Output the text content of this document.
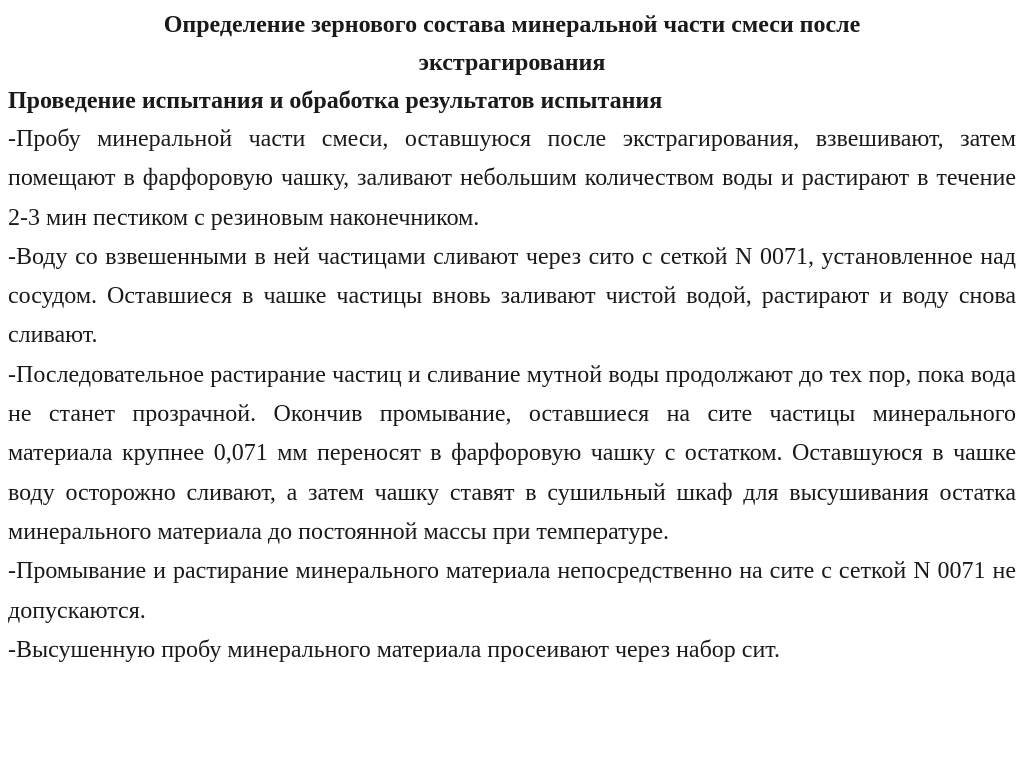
Определение зернового состава минеральной части смеси после экстрагирования
Проведение испытания и обработка результатов испытания

-Пробу минеральной части смеси, оставшуюся после экстрагирования, взвешивают, затем помещают в фарфоровую чашку, заливают небольшим количеством воды и растирают в течение 2-3 мин пестиком с резиновым наконечником.

-Воду со взвешенными в ней частицами сливают через сито с сеткой N 0071, установленное над сосудом. Оставшиеся в чашке частицы вновь заливают чистой водой, растирают и воду снова сливают.

-Последовательное растирание частиц и сливание мутной воды продолжают до тех пор, пока вода не станет прозрачной. Окончив промывание, оставшиеся на сите частицы минерального материала крупнее 0,071 мм переносят в фарфоровую чашку с остатком. Оставшуюся в чашке воду осторожно сливают, а затем чашку ставят в сушильный шкаф для высушивания остатка минерального материала до постоянной массы при температуре.

-Промывание и растирание минерального материала непосредственно на сите с сеткой N 0071 не допускаются.

-Высушенную пробу минерального материала просеивают через набор сит.
